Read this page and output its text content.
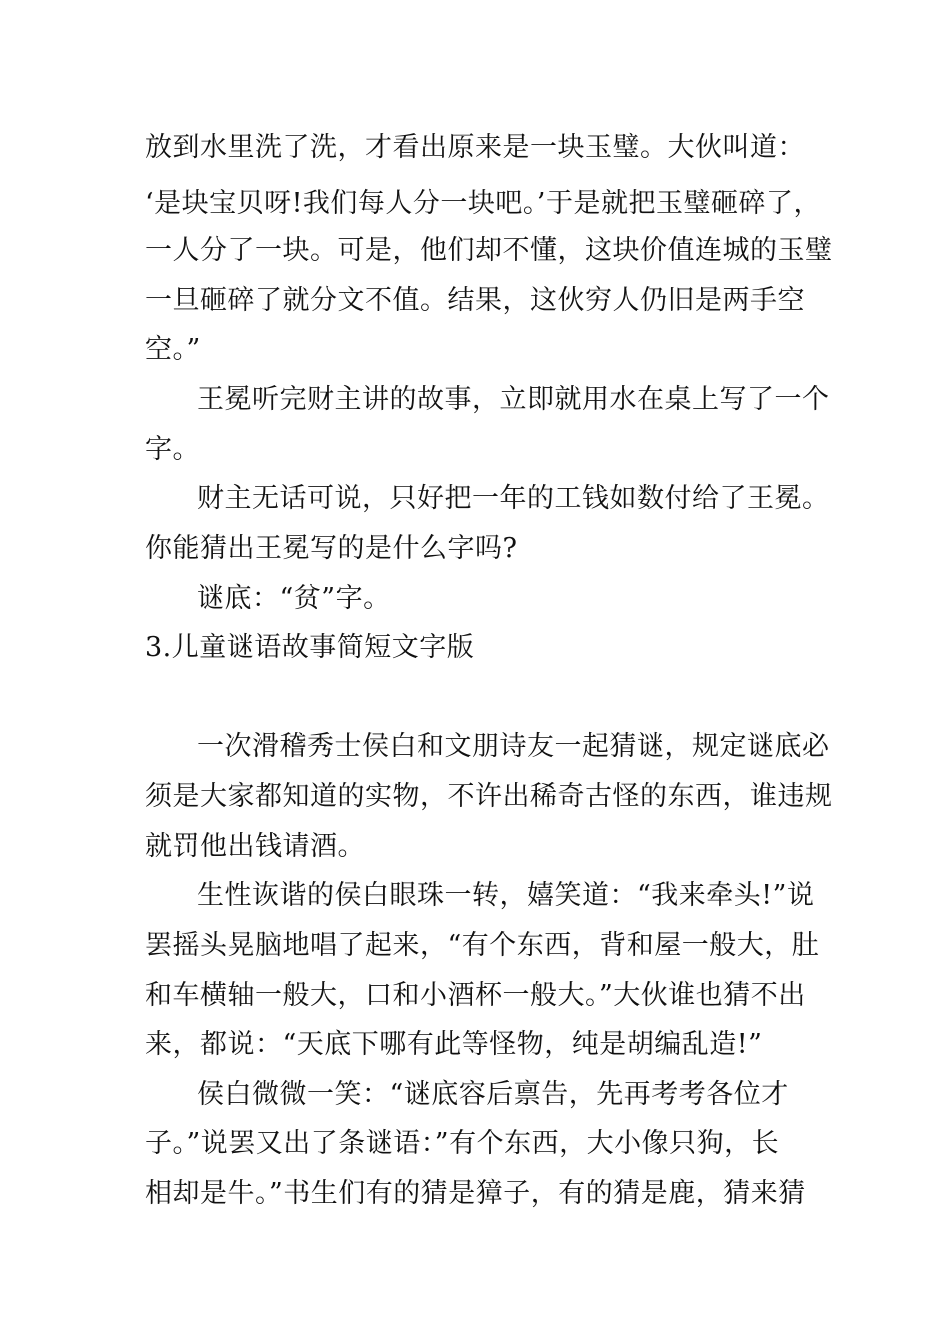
放到水里洗了洗，才看出原来是一块玉璧。大伙叫道：
‘是块宝贝呀!我们每人分一块吧。’于是就把玉璧砸碎了，
一人分了一块。可是，他们却不懂，这块价值连城的玉璧
一旦砸碎了就分文不值。结果，这伙穷人仍旧是两手空
空。”
王冕听完财主讲的故事，立即就用水在桌上写了一个
字。
财主无话可说，只好把一年的工钱如数付给了王冕。
你能猜出王冕写的是什么字吗?
谜底：“贫”字。
3.儿童谜语故事简短文字版
一次滑稽秀士侯白和文朋诗友一起猜谜，规定谜底必
须是大家都知道的实物，不许出稀奇古怪的东西，谁违规
就罚他出钱请酒。
生性诙谐的侯白眼珠一转，嬉笑道：“我来牵头!”说
罢摇头晃脑地唱了起来，“有个东西，背和屋一般大，肚
和车横轴一般大，口和小酒杯一般大。”大伙谁也猜不出
来，都说：“天底下哪有此等怪物，纯是胡编乱造!”
侯白微微一笑：“谜底容后禀告，先再考考各位才
子。”说罢又出了条谜语：”有个东西，大小像只狗，长
相却是牛。”书生们有的猜是獐子，有的猜是鹿，猜来猜
